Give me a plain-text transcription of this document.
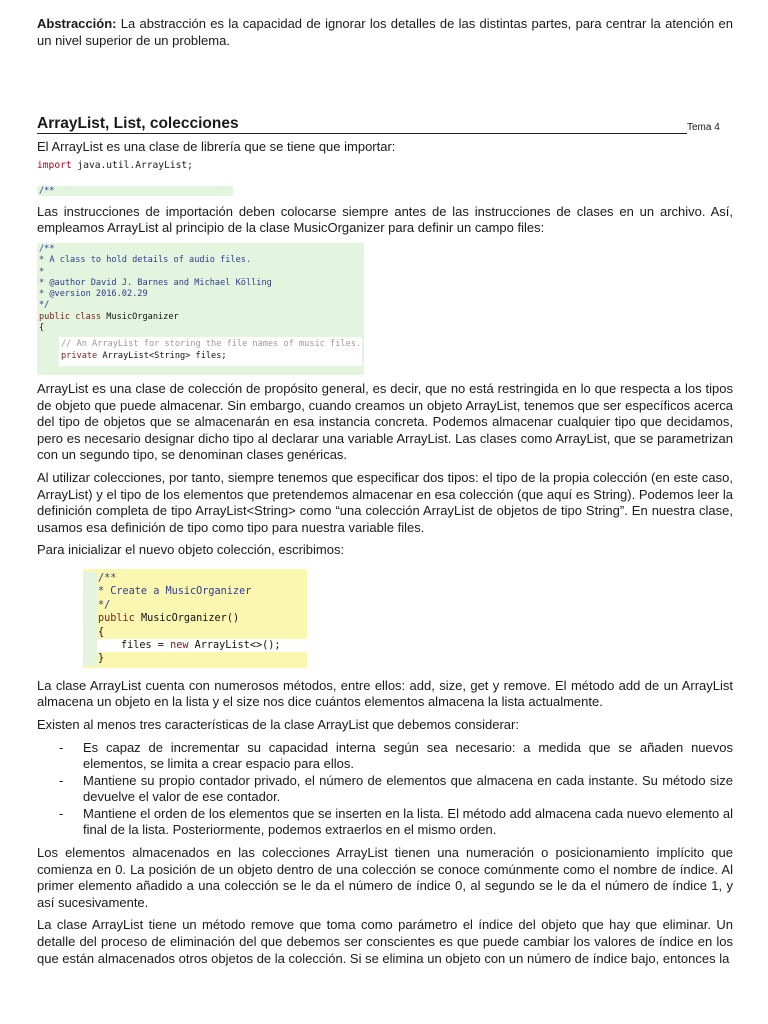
Abstracción: La abstracción es la capacidad de ignorar los detalles de las distintas partes, para centrar la atención en un nivel superior de un problema.

ArrayList, List, colecciones	Tema 4

El ArrayList es una clase de librería que se tiene que importar:

import java.util.ArrayList;
/**

Las instrucciones de importación deben colocarse siempre antes de las instrucciones de clases en un archivo. Así, empleamos ArrayList al principio de la clase MusicOrganizer para definir un campo files:

/**
* A class to hold details of audio files.
*
* @author David J. Barnes and Michael Kölling
* @version 2016.02.29
*/
public class MusicOrganizer
{
// An ArrayList for storing the file names of music files.
private ArrayList<String> files;

ArrayList es una clase de colección de propósito general, es decir, que no está restringida en lo que respecta a los tipos de objeto que puede almacenar. Sin embargo, cuando creamos un objeto ArrayList, tenemos que ser específicos acerca del tipo de objetos que se almacenarán en esa instancia concreta. Podemos almacenar cualquier tipo que decidamos, pero es necesario designar dicho tipo al declarar una variable ArrayList. Las clases como ArrayList, que se parametrizan con un segundo tipo, se denominan clases genéricas.

Al utilizar colecciones, por tanto, siempre tenemos que especificar dos tipos: el tipo de la propia colección (en este caso, ArrayList) y el tipo de los elementos que pretendemos almacenar en esa colección (que aquí es String). Podemos leer la definición completa de tipo ArrayList<String> como “una colección ArrayList de objetos de tipo String”. En nuestra clase, usamos esa definición de tipo como tipo para nuestra variable files.

Para inicializar el nuevo objeto colección, escribimos:

/**
* Create a MusicOrganizer
*/
public MusicOrganizer()
{
files = new ArrayList<>();
}

La clase ArrayList cuenta con numerosos métodos, entre ellos: add, size, get y remove. El método add de un ArrayList almacena un objeto en la lista y el size nos dice cuántos elementos almacena la lista actualmente.

Existen al menos tres características de la clase ArrayList que debemos considerar:

- Es capaz de incrementar su capacidad interna según sea necesario: a medida que se añaden nuevos elementos, se limita a crear espacio para ellos.
- Mantiene su propio contador privado, el número de elementos que almacena en cada instante. Su método size devuelve el valor de ese contador.
- Mantiene el orden de los elementos que se inserten en la lista. El método add almacena cada nuevo elemento al final de la lista. Posteriormente, podemos extraerlos en el mismo orden.

Los elementos almacenados en las colecciones ArrayList tienen una numeración o posicionamiento implícito que comienza en 0. La posición de un objeto dentro de una colección se conoce comúnmente como el nombre de índice. Al primer elemento añadido a una colección se le da el número de índice 0, al segundo se le da el número de índice 1, y así sucesivamente.

La clase ArrayList tiene un método remove que toma como parámetro el índice del objeto que hay que eliminar. Un detalle del proceso de eliminación del que debemos ser conscientes es que puede cambiar los valores de índice en los que están almacenados otros objetos de la colección. Si se elimina un objeto con un número de índice bajo, entonces la
